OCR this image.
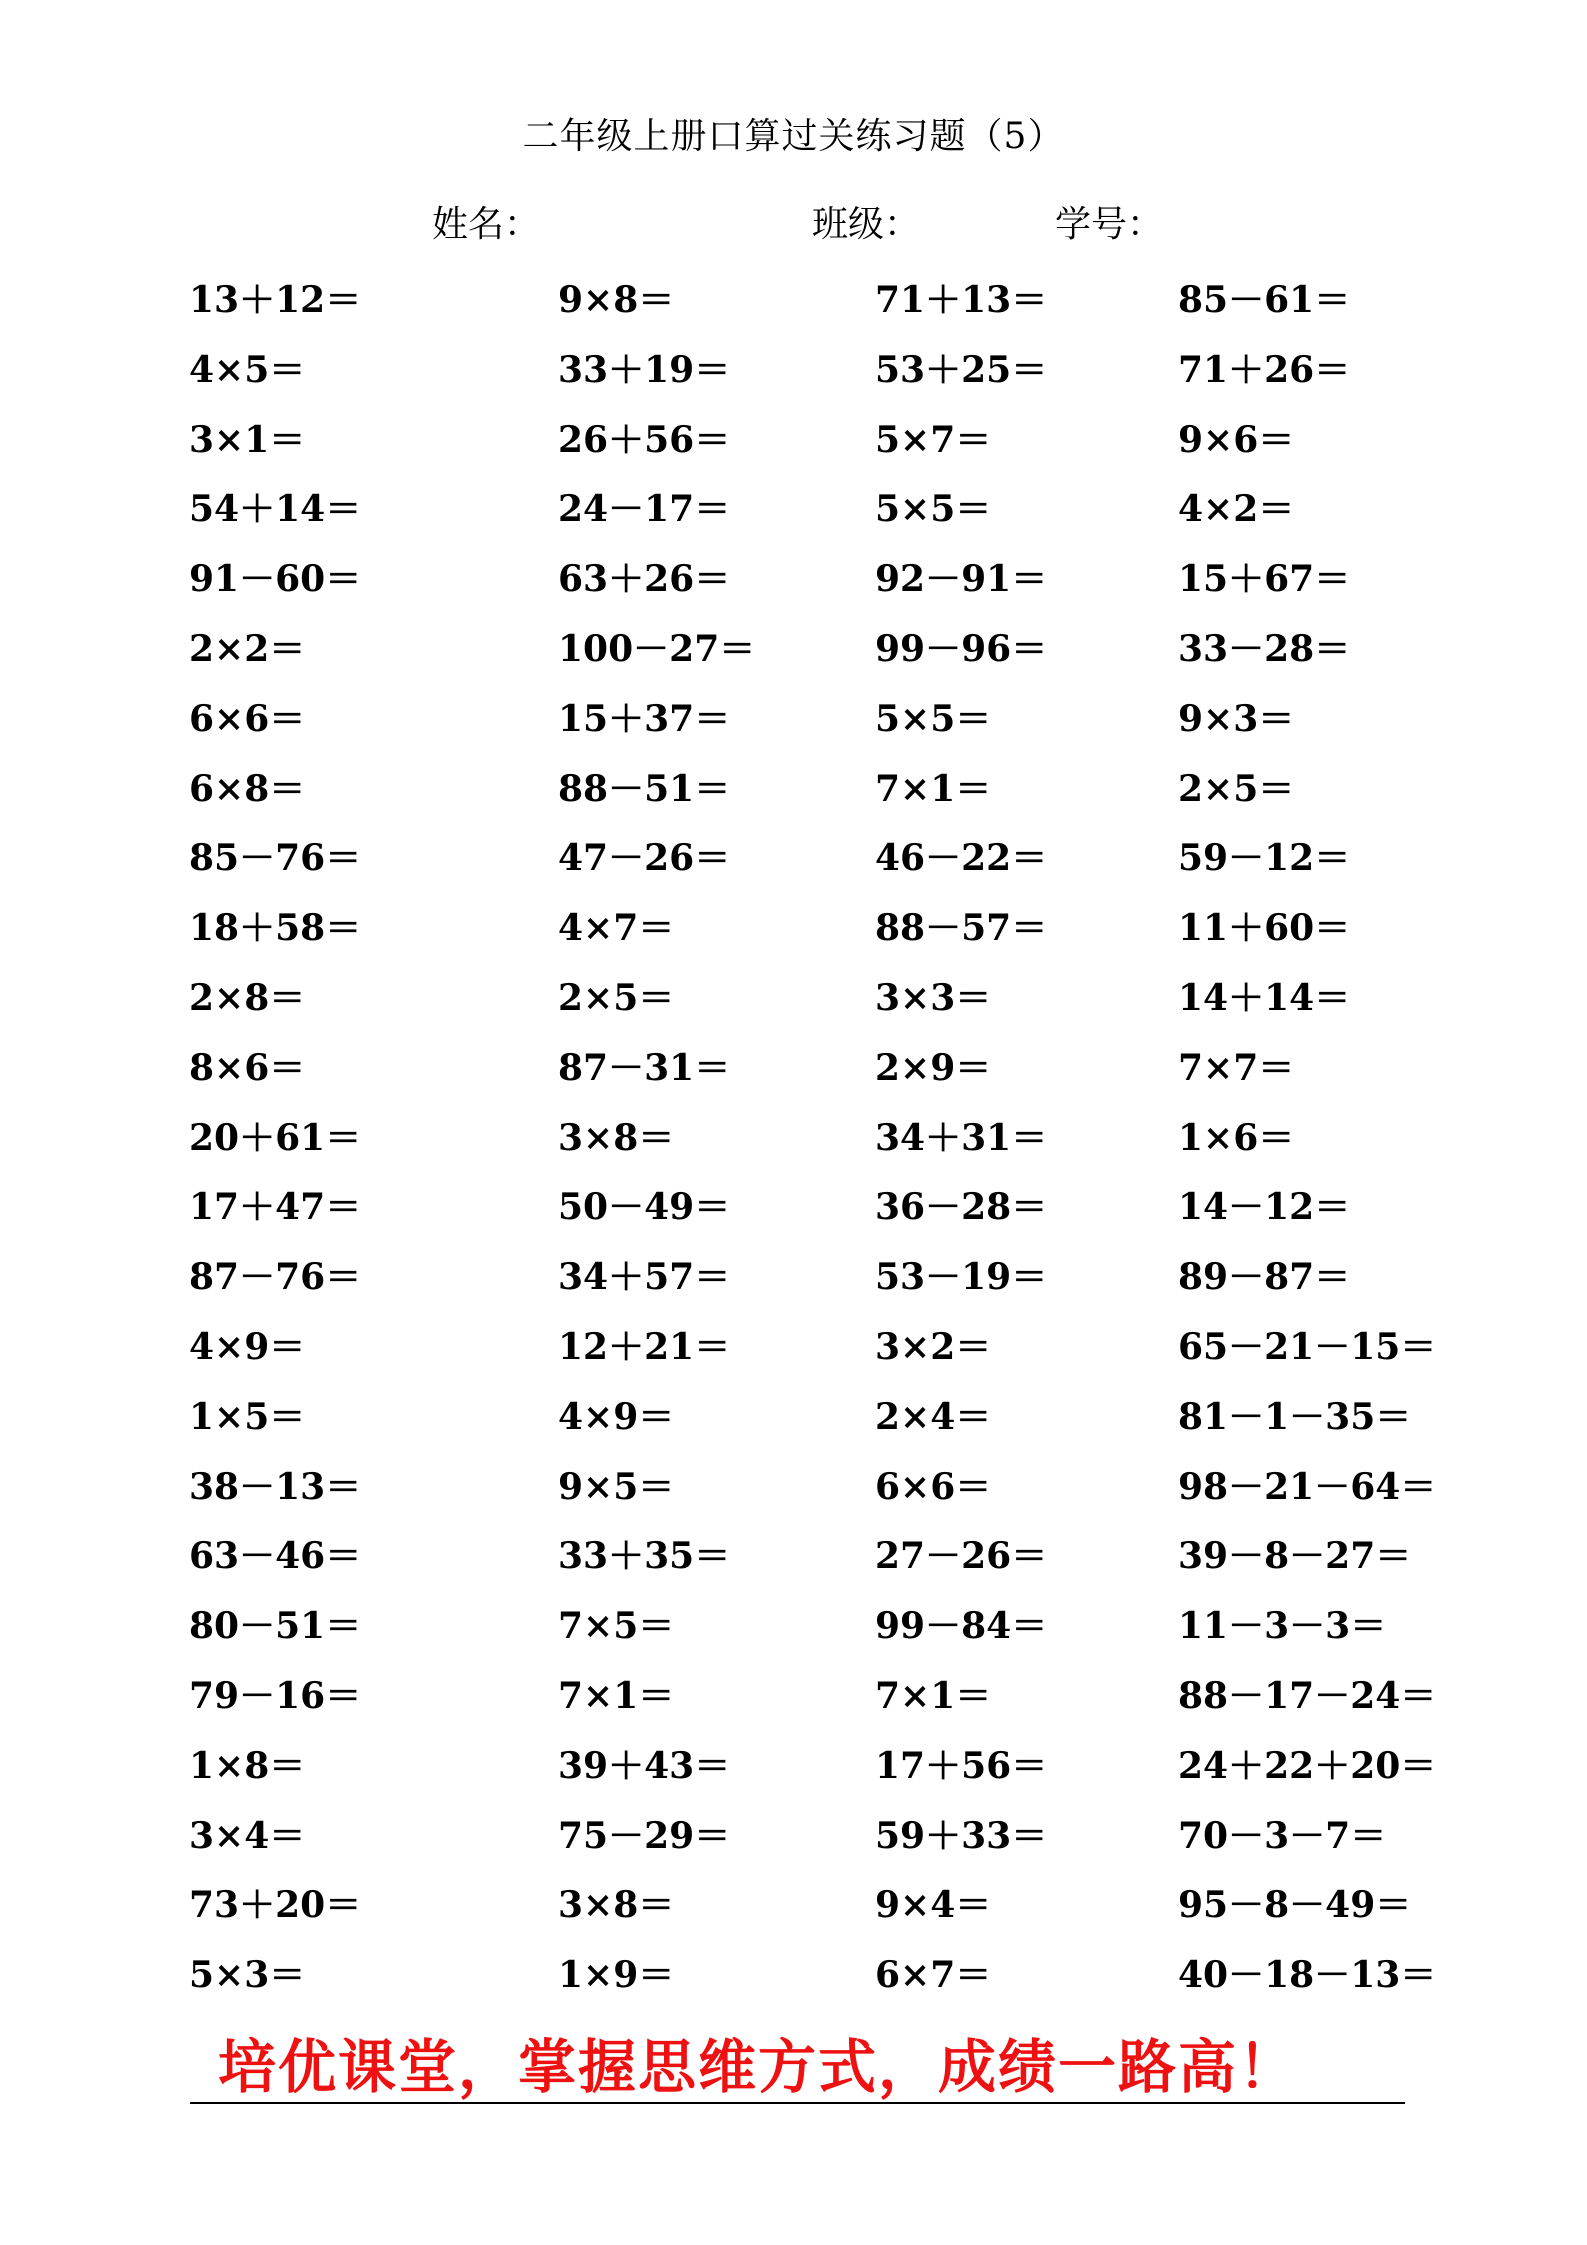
二年级上册口算过关练习题（5）
姓名：	班级：	学号：
13＋12＝	9×8＝	71＋13＝	85－61＝
4×5＝	33＋19＝	53＋25＝	71＋26＝
3×1＝	26＋56＝	5×7＝	9×6＝
54＋14＝	24－17＝	5×5＝	4×2＝
91－60＝	63＋26＝	92－91＝	15＋67＝
2×2＝	100－27＝	99－96＝	33－28＝
6×6＝	15＋37＝	5×5＝	9×3＝
6×8＝	88－51＝	7×1＝	2×5＝
85－76＝	47－26＝	46－22＝	59－12＝
18＋58＝	4×7＝	88－57＝	11＋60＝
2×8＝	2×5＝	3×3＝	14＋14＝
8×6＝	87－31＝	2×9＝	7×7＝
20＋61＝	3×8＝	34＋31＝	1×6＝
17＋47＝	50－49＝	36－28＝	14－12＝
87－76＝	34＋57＝	53－19＝	89－87＝
4×9＝	12＋21＝	3×2＝	65－21－15＝
1×5＝	4×9＝	2×4＝	81－1－35＝
38－13＝	9×5＝	6×6＝	98－21－64＝
63－46＝	33＋35＝	27－26＝	39－8－27＝
80－51＝	7×5＝	99－84＝	11－3－3＝
79－16＝	7×1＝	7×1＝	88－17－24＝
1×8＝	39＋43＝	17＋56＝	24＋22＋20＝
3×4＝	75－29＝	59＋33＝	70－3－7＝
73＋20＝	3×8＝	9×4＝	95－8－49＝
5×3＝	1×9＝	6×7＝	40－18－13＝
培优课堂，掌握思维方式，成绩一路高！
